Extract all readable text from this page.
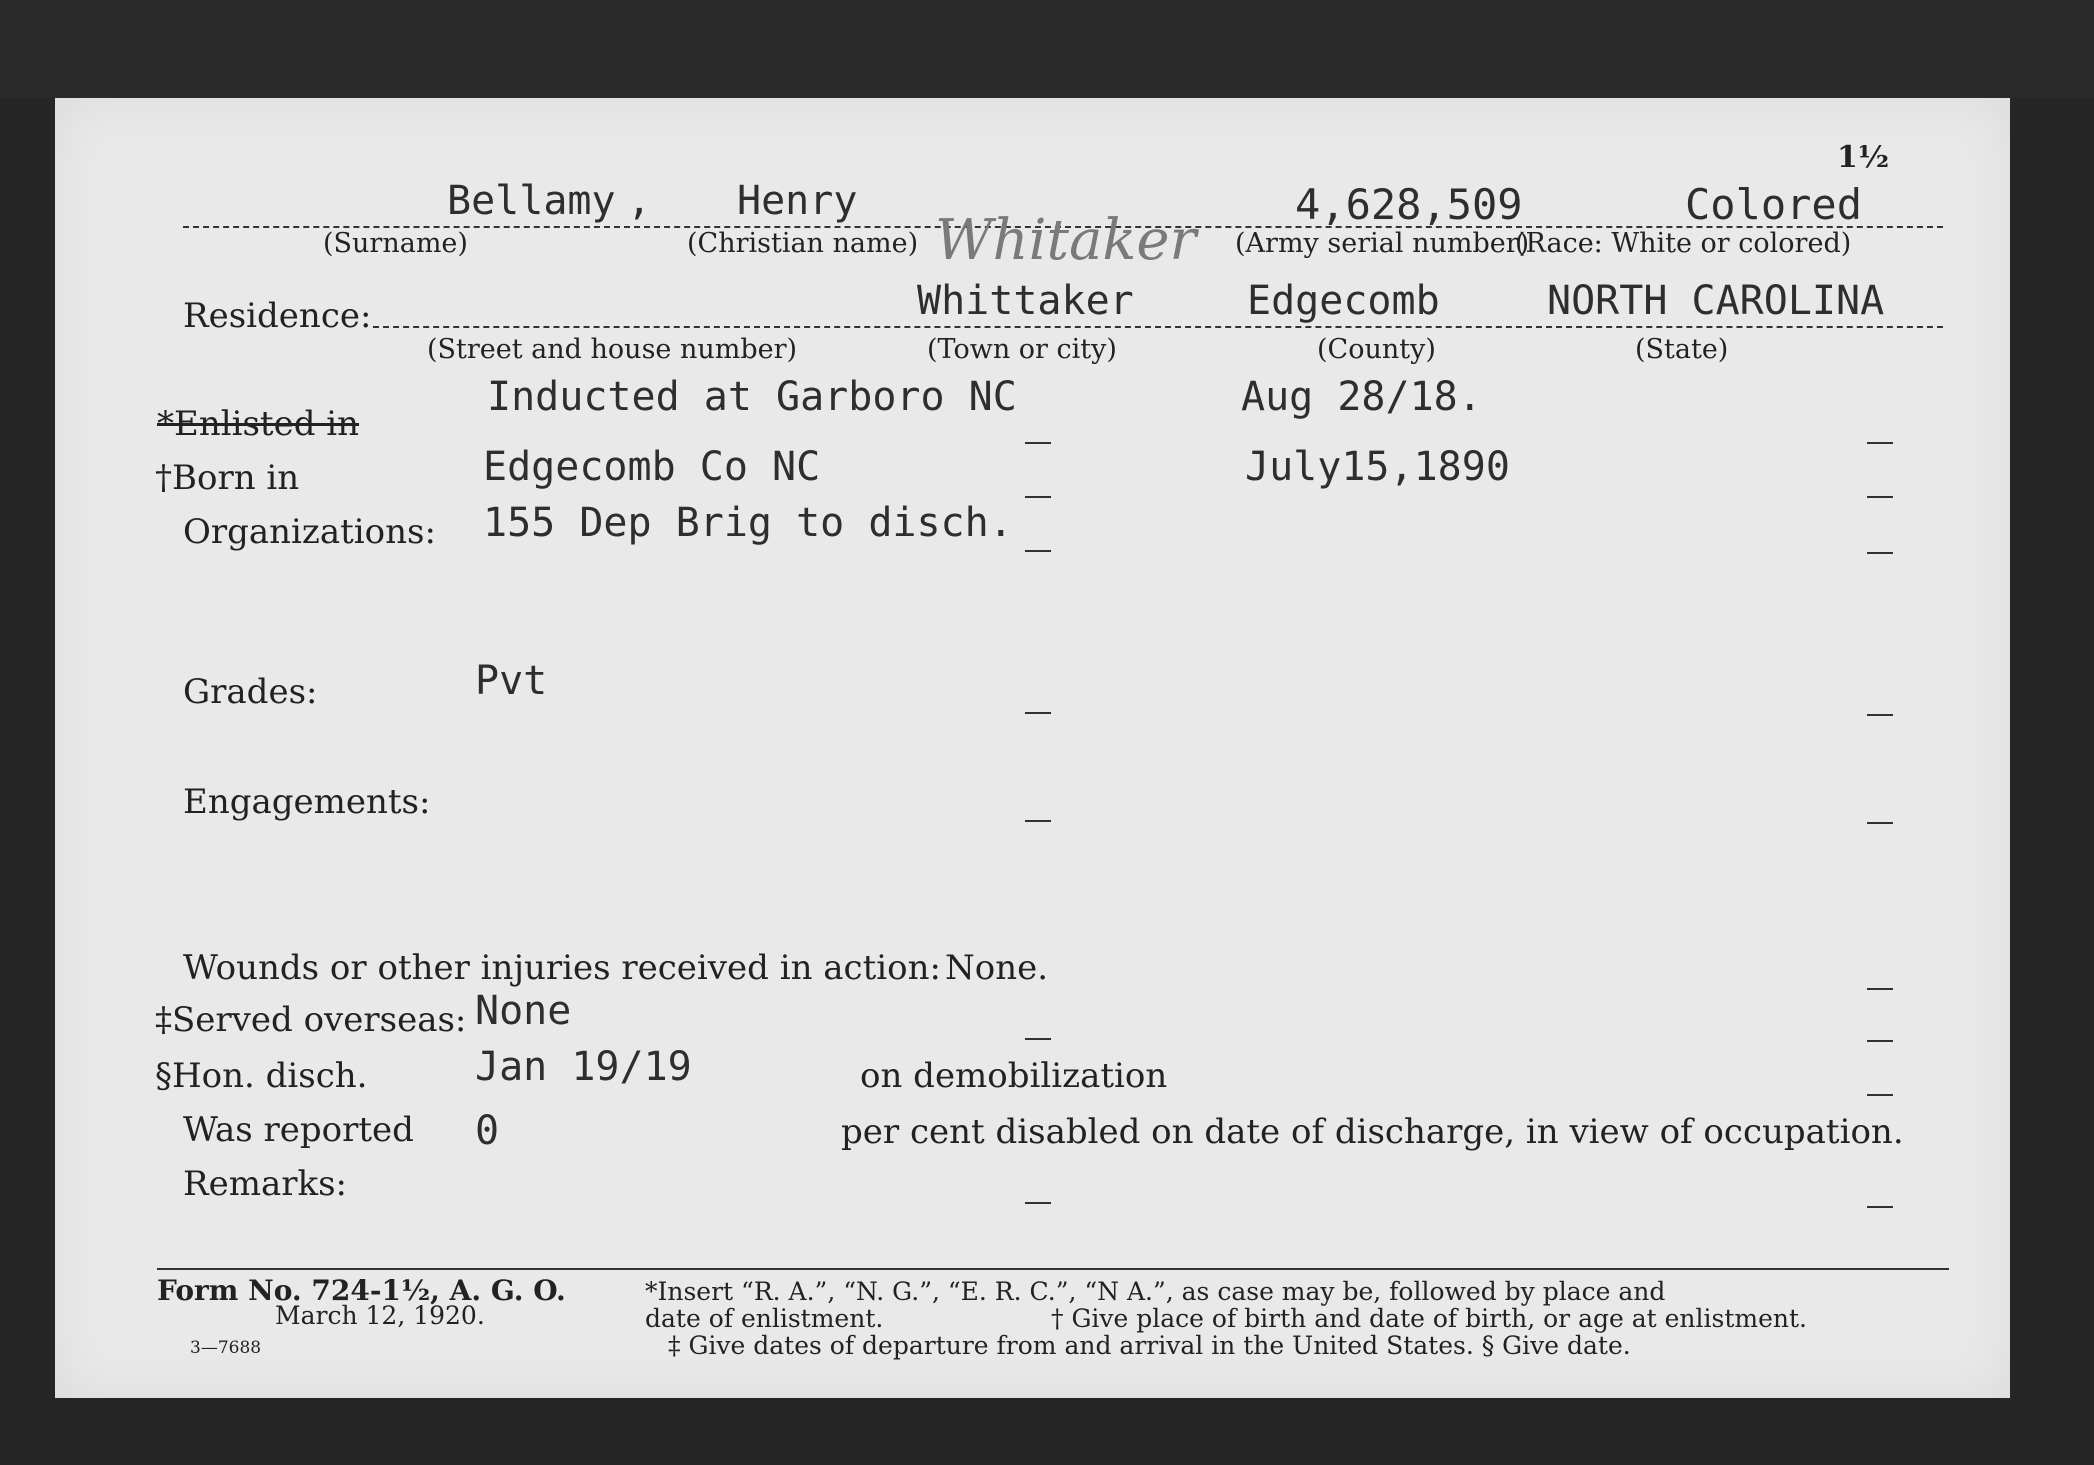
1½
Bellamy , Henry	4,628,509	Colored
Whitaker
(Surname)	(Christian name)	(Army serial number)
(Race: White or colored)
Residence:	Whittaker	Edgecomb	NORTH CAROLINA
(Street and house number)	(Town or city)	(County)	(State)
*Enlisted in
Inducted at Garboro NC	Aug 28/18.
†Born in	Edgecomb Co NC	July15,1890
Organizations: 155 Dep Brig to disch.
Grades:	Pvt
Engagements:
Wounds or other injuries received in action: None.
‡Served overseas: None
§Hon. disch.	Jan 19/19	on demobilization
Was reported 0	per cent disabled on date of discharge, in view of occupation.
Remarks:
Form No. 724-1½, A. G. O.
March 12, 1920.
3—7688
*Insert “R. A.”, “N. G.”, “E. R. C.”, “N A.”, as case may be, followed by place and
date of enlistment.	† Give place of birth and date of birth, or age at enlistment.
‡ Give dates of departure from and arrival in the United States. § Give date.
